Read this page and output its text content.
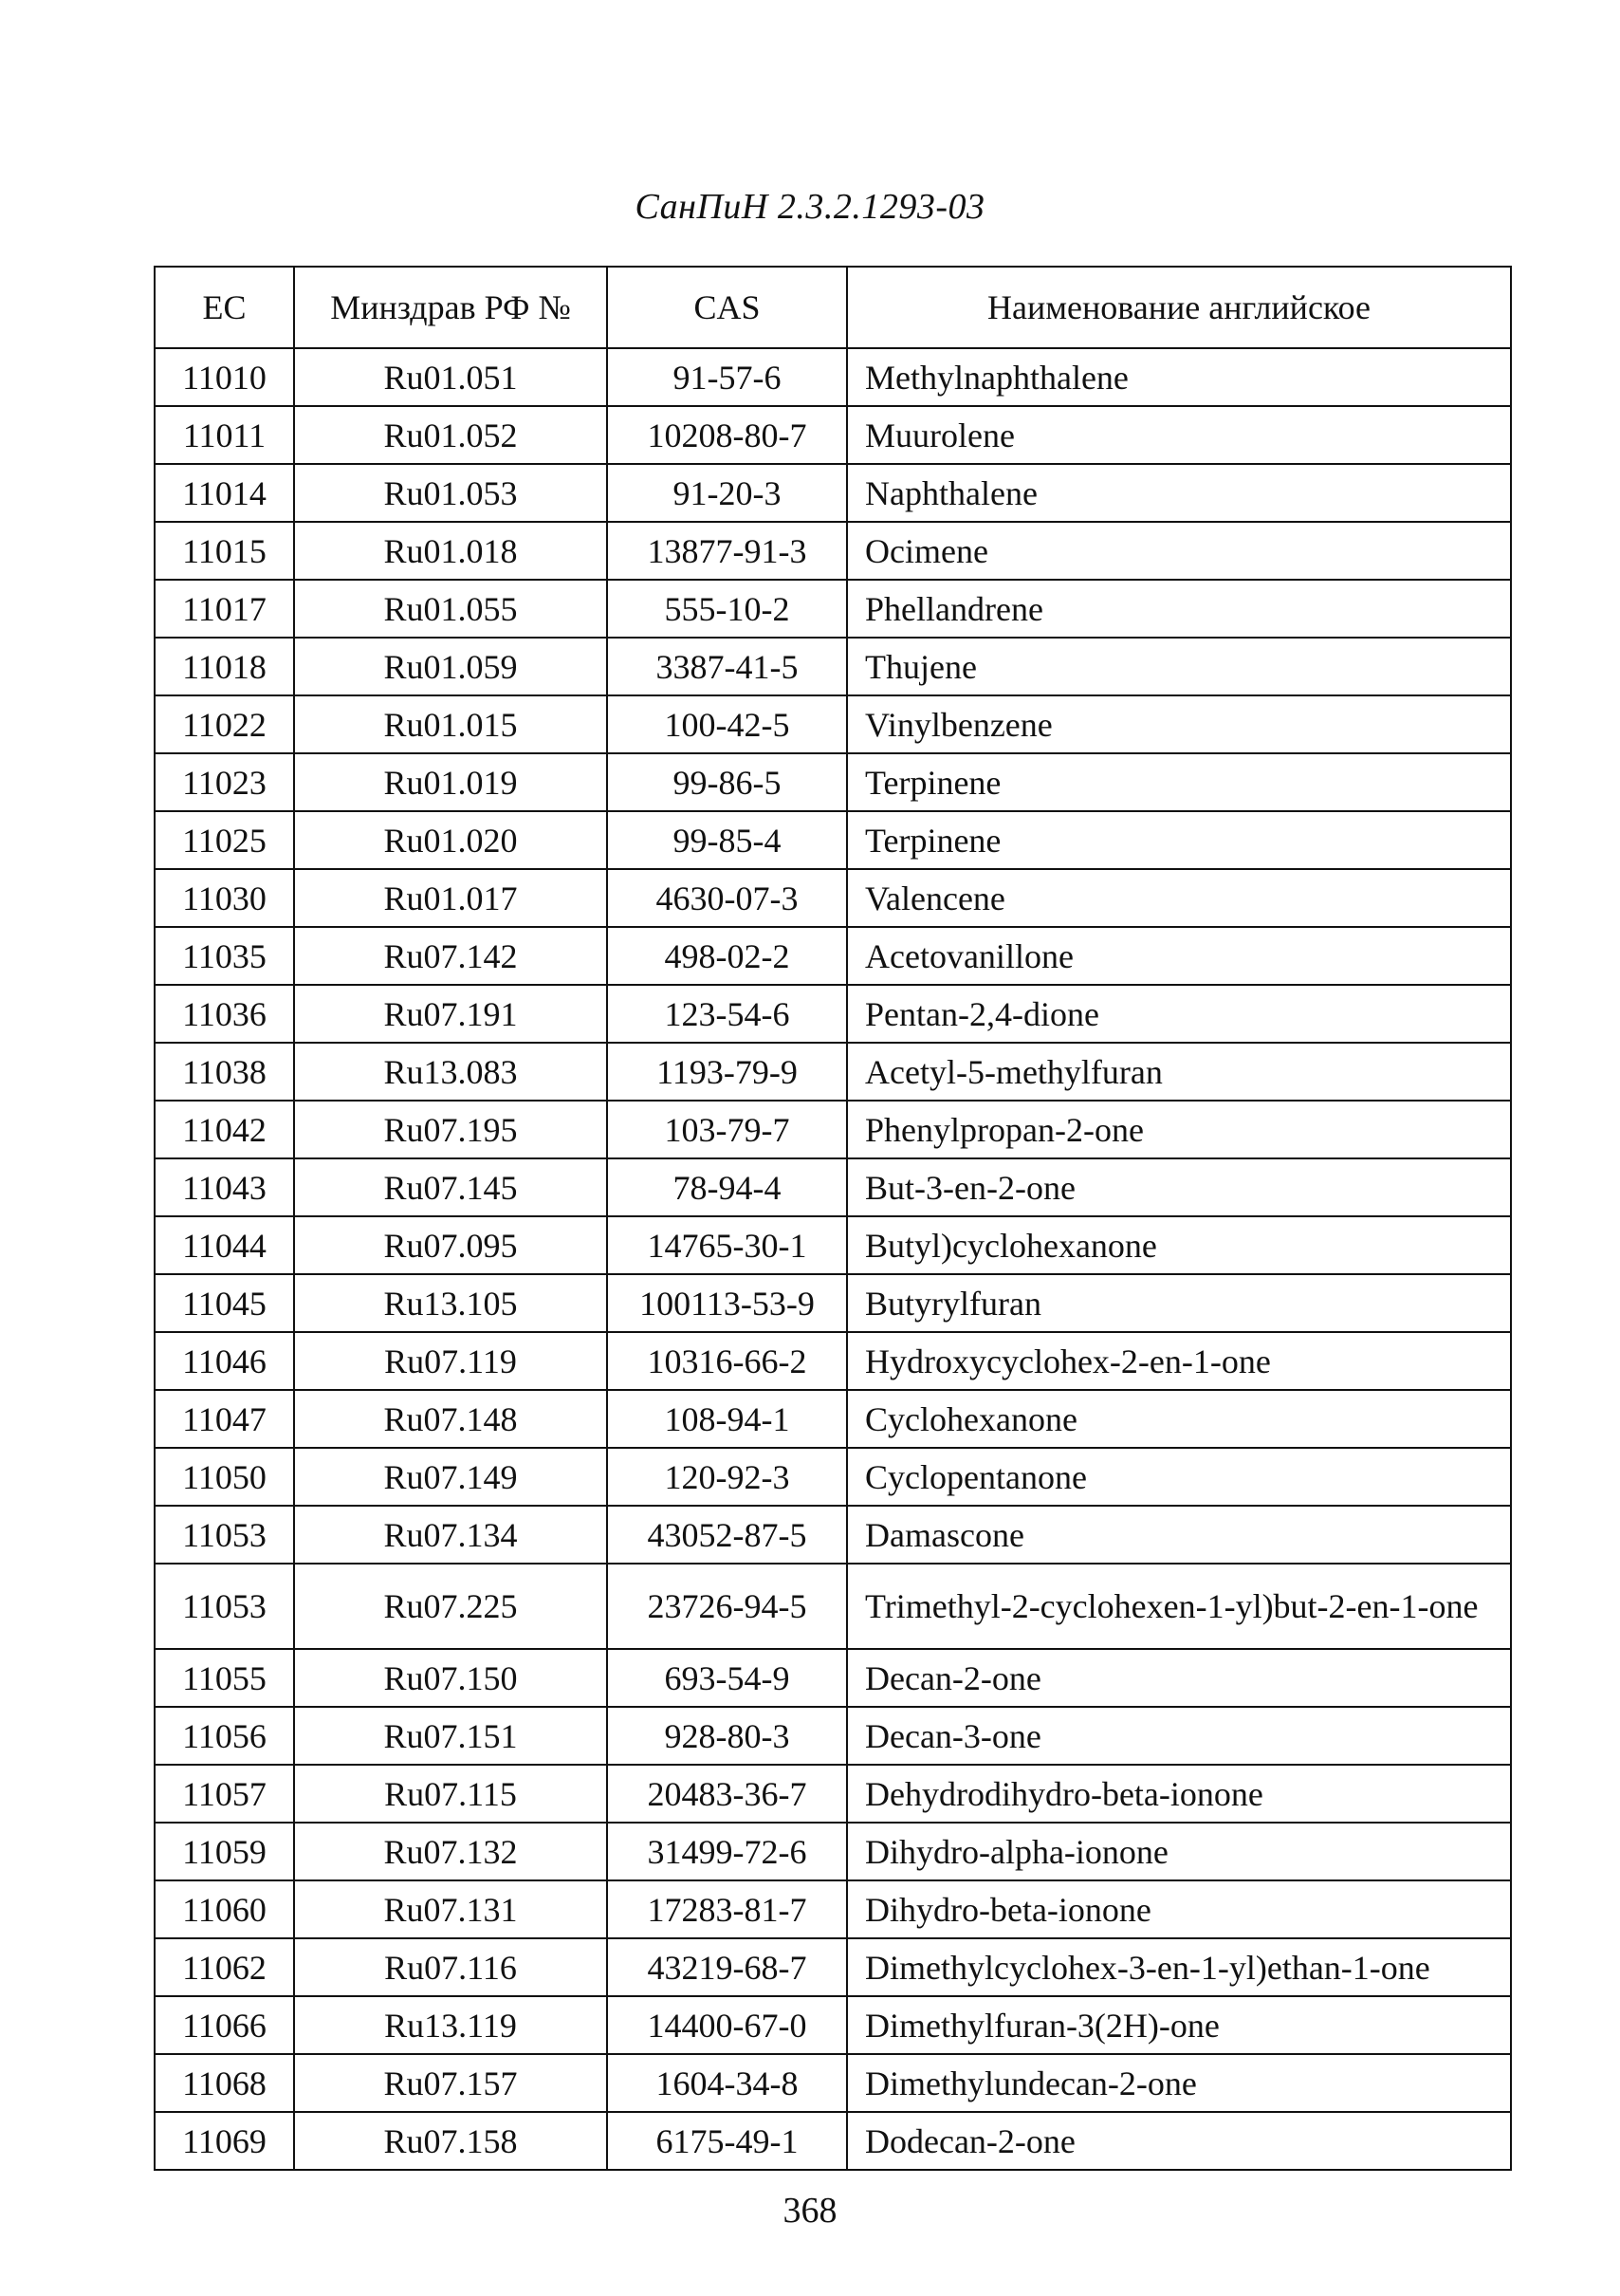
СанПиН 2.3.2.1293-03
EC	Минздрав РФ №	CAS	Наименование английское
11010	Ru01.051	91-57-6	Methylnaphthalene

11011	Ru01.052	10208-80-7	Muurolene

11014	Ru01.053	91-20-3	Naphthalene

11015	Ru01.018	13877-91-3	Ocimene

11017	Ru01.055	555-10-2	Phellandrene

11018	Ru01.059	3387-41-5	Thujene

11022	Ru01.015	100-42-5	Vinylbenzene

11023	Ru01.019	99-86-5	Terpinene

11025	Ru01.020	99-85-4	Terpinene

11030	Ru01.017	4630-07-3	Valencene

11035	Ru07.142	498-02-2	Acetovanillone

11036	Ru07.191	123-54-6	Pentan-2,4-dione

11038	Ru13.083	1193-79-9	Acetyl-5-methylfuran

11042	Ru07.195	103-79-7	Phenylpropan-2-one

11043	Ru07.145	78-94-4	But-3-en-2-one

11044	Ru07.095	14765-30-1	Butyl)cyclohexanone

11045	Ru13.105	100113-53-9	Butyrylfuran

11046	Ru07.119	10316-66-2	Hydroxycyclohex-2-en-1-one

11047	Ru07.148	108-94-1	Cyclohexanone

11050	Ru07.149	120-92-3	Cyclopentanone

11053	Ru07.134	43052-87-5	Damascone

11053	Ru07.225	23726-94-5	Trimethyl-2-cyclohexen-1-yl)but-2-en-1-one

11055	Ru07.150	693-54-9	Decan-2-one

11056	Ru07.151	928-80-3	Decan-3-one

11057	Ru07.115	20483-36-7	Dehydrodihydro-beta-ionone

11059	Ru07.132	31499-72-6	Dihydro-alpha-ionone

11060	Ru07.131	17283-81-7	Dihydro-beta-ionone

11062	Ru07.116	43219-68-7	Dimethylcyclohex-3-en-1-yl)ethan-1-one

11066	Ru13.119	14400-67-0	Dimethylfuran-3(2H)-one

11068	Ru07.157	1604-34-8	Dimethylundecan-2-one

11069	Ru07.158	6175-49-1	Dodecan-2-one
368
